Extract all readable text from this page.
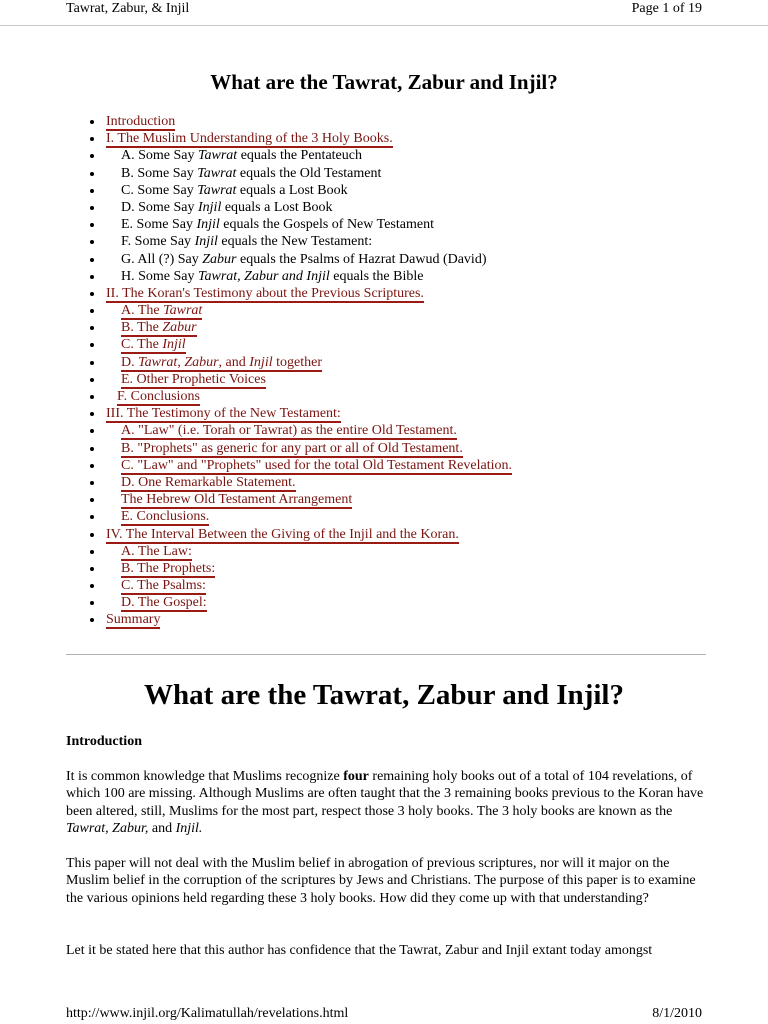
Tawrat, Zabur, & Injil	Page 1 of 19
What are the Tawrat, Zabur and Injil?
Introduction
I. The Muslim Understanding of the 3 Holy Books.
A. Some Say Tawrat equals the Pentateuch
B. Some Say Tawrat equals the Old Testament
C. Some Say Tawrat equals a Lost Book
D. Some Say Injil equals a Lost Book
E. Some Say Injil equals the Gospels of New Testament
F. Some Say Injil equals the New Testament:
G. All (?) Say Zabur equals the Psalms of Hazrat Dawud (David)
H. Some Say Tawrat, Zabur and Injil equals the Bible
II. The Koran's Testimony about the Previous Scriptures.
A. The Tawrat
B. The Zabur
C. The Injil
D. Tawrat, Zabur, and Injil together
E. Other Prophetic Voices
F. Conclusions
III. The Testimony of the New Testament:
A. "Law" (i.e. Torah or Tawrat) as the entire Old Testament.
B. "Prophets" as generic for any part or all of Old Testament.
C. "Law" and "Prophets" used for the total Old Testament Revelation.
D. One Remarkable Statement.
The Hebrew Old Testament Arrangement
E. Conclusions.
IV. The Interval Between the Giving of the Injil and the Koran.
A. The Law:
B. The Prophets:
C. The Psalms:
D. The Gospel:
Summary
What are the Tawrat, Zabur and Injil?
Introduction
It is common knowledge that Muslims recognize four remaining holy books out of a total of 104 revelations, of which 100 are missing. Although Muslims are often taught that the 3 remaining books previous to the Koran have been altered, still, Muslims for the most part, respect those 3 holy books. The 3 holy books are known as the Tawrat, Zabur, and Injil.
This paper will not deal with the Muslim belief in abrogation of previous scriptures, nor will it major on the Muslim belief in the corruption of the scriptures by Jews and Christians. The purpose of this paper is to examine the various opinions held regarding these 3 holy books. How did they come up with that understanding?
Let it be stated here that this author has confidence that the Tawrat, Zabur and Injil extant today amongst
http://www.injil.org/Kalimatullah/revelations.html	8/1/2010
